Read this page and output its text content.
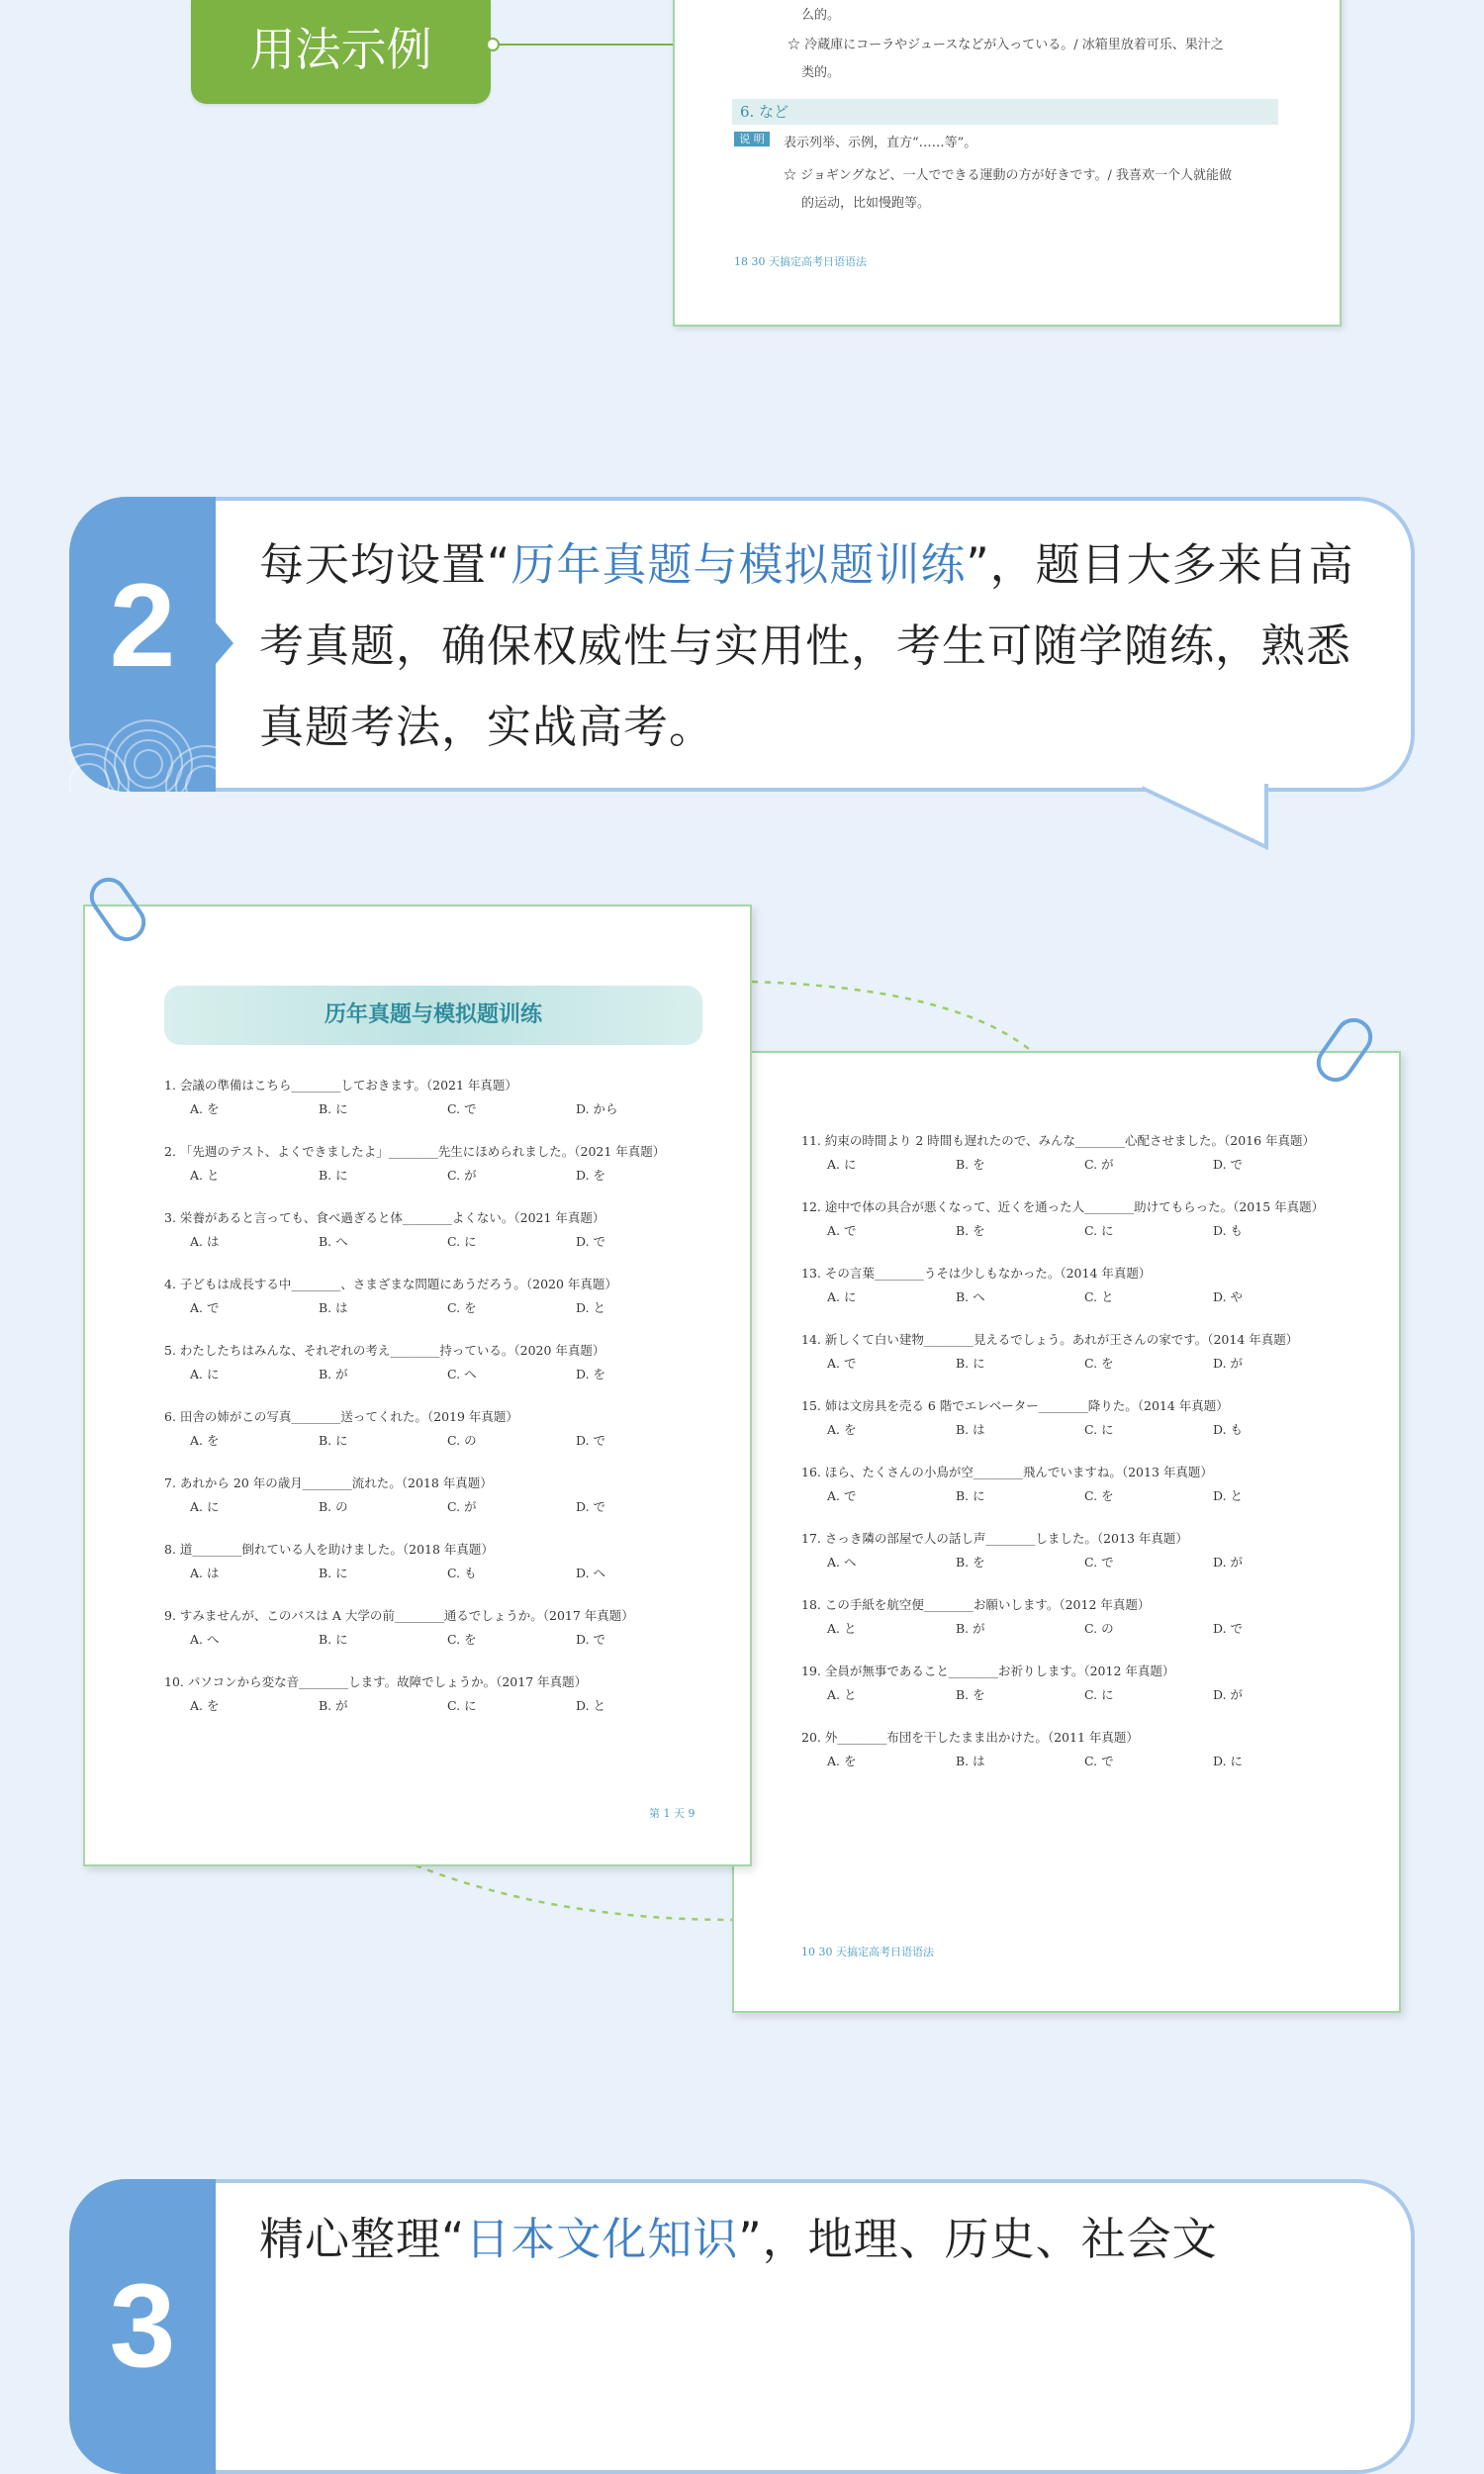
用法示例
么的。
☆ 冷蔵庫にコーラやジュースなどが入っている。/ 冰箱里放着可乐、果汁之
类的。
6. など
说 明	表示列举、示例，直方“……等”。
☆ ジョギングなど、一人でできる運動の方が好きです。/ 我喜欢一个人就能做
的运动，比如慢跑等。
18 30 天搞定高考日语语法
2	每天均设置“历年真题与模拟题训练”，题目大多来自高考真题，确保权威性与实用性，考生可随学随练，熟悉真题考法，实战高考。
11. 約束の時間より 2 時間も遅れたので、みんな________心配させました。（2016 年真题）
A. に	B. を	C. が	D. で
12. 途中で体の具合が悪くなって、近くを通った人________助けてもらった。（2015 年真题）
A. で	B. を	C. に	D. も
13. その言葉________うそは少しもなかった。（2014 年真题）
A. に	B. へ	C. と	D. や
14. 新しくて白い建物________見えるでしょう。あれが王さんの家です。（2014 年真题）
A. で	B. に	C. を	D. が
15. 姉は文房具を売る 6 階でエレベーター________降りた。（2014 年真题）
A. を	B. は	C. に	D. も
16. ほら、たくさんの小鳥が空________飛んでいますね。（2013 年真题）
A. で	B. に	C. を	D. と
17. さっき隣の部屋で人の話し声________しました。（2013 年真题）
A. へ	B. を	C. で	D. が
18. この手紙を航空便________お願いします。（2012 年真题）
A. と	B. が	C. の	D. で
19. 全員が無事であること________お祈りします。（2012 年真题）
A. と	B. を	C. に	D. が
20. 外________布団を干したまま出かけた。（2011 年真题）
A. を	B. は	C. で	D. に
10 30 天搞定高考日语语法
历年真题与模拟题训练
1. 会議の準備はこちら________しておきます。（2021 年真题）
A. を	B. に	C. で	D. から
2. 「先週のテスト、よくできましたよ」________先生にほめられました。（2021 年真题）
A. と	B. に	C. が	D. を
3. 栄養があると言っても、食べ過ぎると体________よくない。（2021 年真题）
A. は	B. へ	C. に	D. で
4. 子どもは成長する中________、さまざまな問題にあうだろう。（2020 年真题）
A. で	B. は	C. を	D. と
5. わたしたちはみんな、それぞれの考え________持っている。（2020 年真题）
A. に	B. が	C. へ	D. を
6. 田舎の姉がこの写真________送ってくれた。（2019 年真题）
A. を	B. に	C. の	D. で
7. あれから 20 年の歳月________流れた。（2018 年真题）
A. に	B. の	C. が	D. で
8. 道________倒れている人を助けました。（2018 年真题）
A. は	B. に	C. も	D. へ
9. すみませんが、このバスは A 大学の前________通るでしょうか。（2017 年真题）
A. へ	B. に	C. を	D. で
10. パソコンから変な音________します。故障でしょうか。（2017 年真题）
A. を	B. が	C. に	D. と
第 1 天 9
3
精心整理“日本文化知识”，地理、历史、社会文
